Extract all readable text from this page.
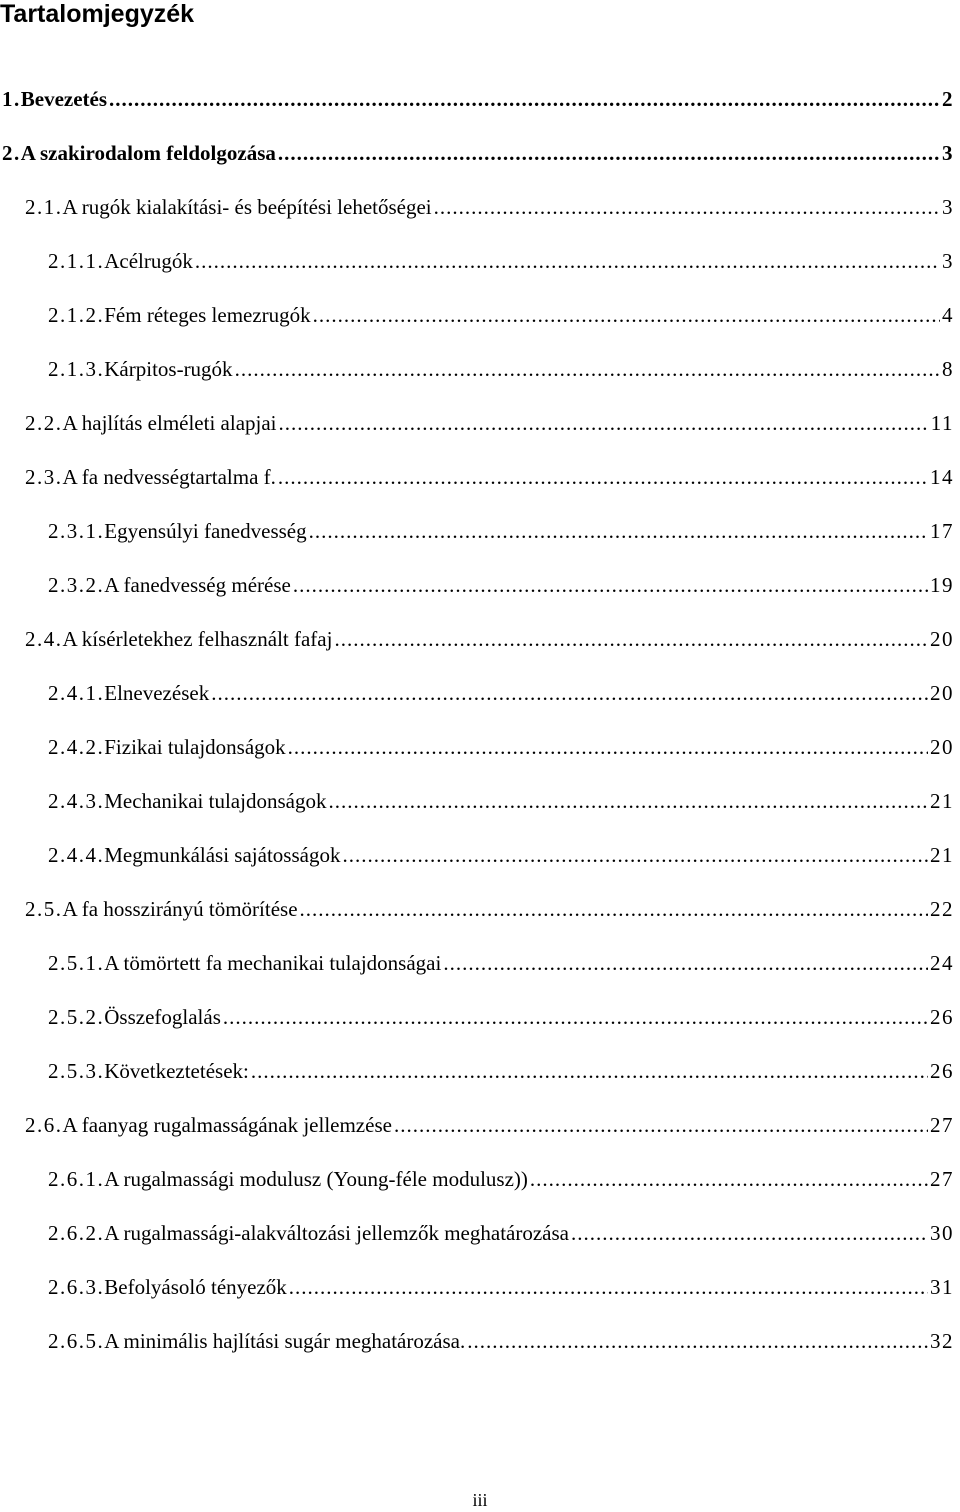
Tartalomjegyzék
1. Bevezetés .....	2
2. A szakirodalom feldolgozása .....	3
2.1. A rugók kialakítási- és beépítési lehetőségei .....	3
2.1.1. Acélrugók .....	3
2.1.2. Fém réteges lemezrugók .....	4
2.1.3. Kárpitos-rugók .....	8
2.2. A hajlítás elméleti alapjai .....	11
2.3. A fa nedvességtartalma f. .....	14
2.3.1. Egyensúlyi fanedvesség .....	17
2.3.2. A fanedvesség mérése .....	19
2.4. A kísérletekhez felhasznált fafaj .....	20
2.4.1. Elnevezések .....	20
2.4.2. Fizikai tulajdonságok .....	20
2.4.3. Mechanikai tulajdonságok .....	21
2.4.4. Megmunkálási sajátosságok .....	21
2.5. A fa hosszirányú tömörítése .....	22
2.5.1. A tömörtett fa mechanikai tulajdonságai .....	24
2.5.2. Összefoglalás .....	26
2.5.3. Következtetések: .....	26
2.6. A faanyag rugalmasságának jellemzése .....	27
2.6.1. A rugalmassági modulusz (Young-féle modulusz)) .....	27
2.6.2. A rugalmassági-alakváltozási jellemzők meghatározása .....	30
2.6.3. Befolyásoló tényezők .....	31
2.6.5. A minimális hajlítási sugár meghatározása. .....	32
iii
